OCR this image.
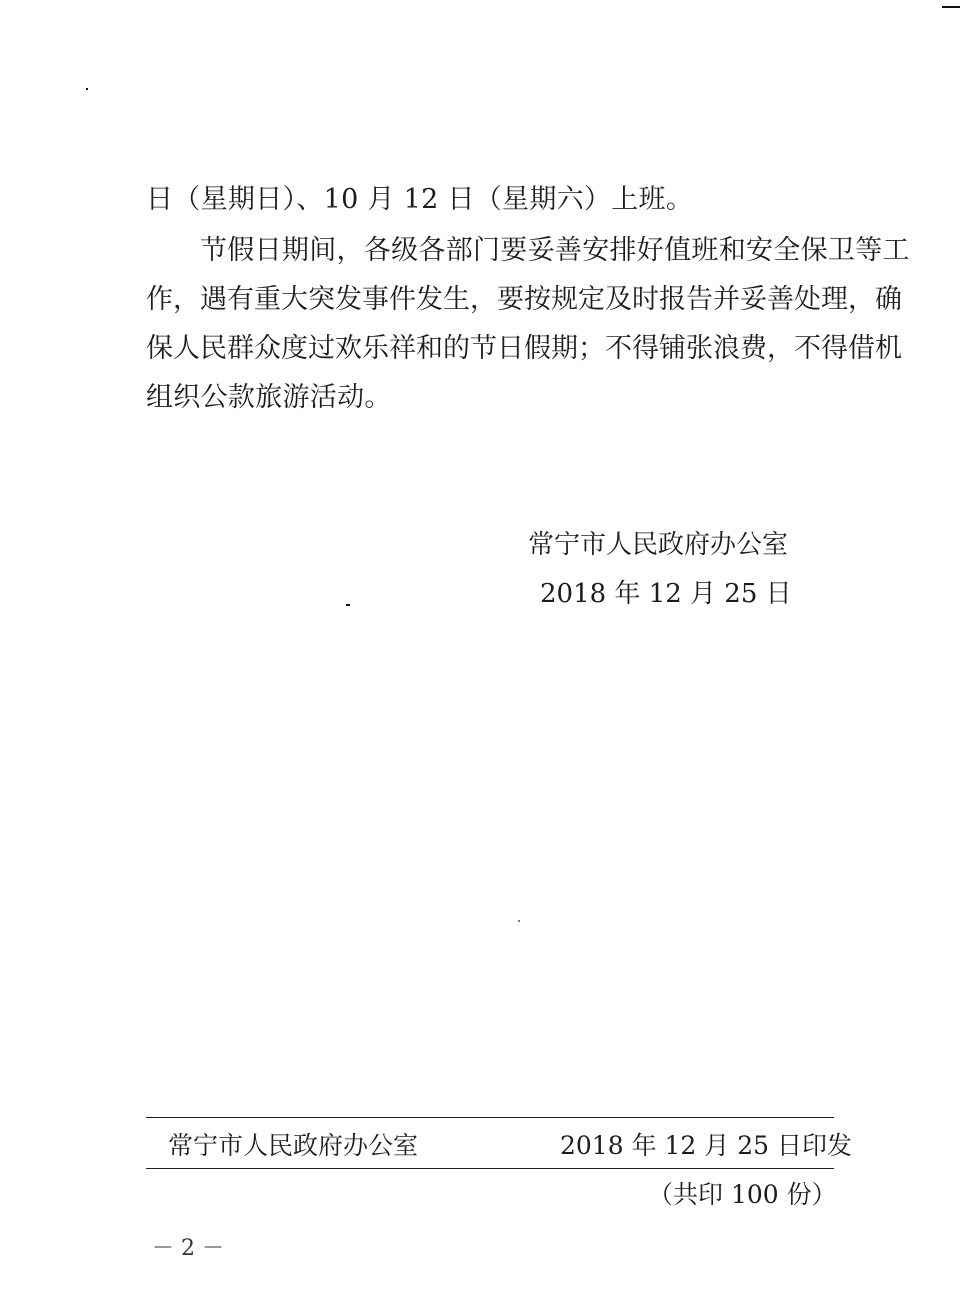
日（星期日）、10 月 12 日（星期六）上班。
节假日期间，各级各部门要妥善安排好值班和安全保卫等工
作，遇有重大突发事件发生，要按规定及时报告并妥善处理，确
保人民群众度过欢乐祥和的节日假期；不得铺张浪费，不得借机
组织公款旅游活动。
常宁市人民政府办公室
2018 年 12 月 25 日
常宁市人民政府办公室	2018 年 12 月 25 日印发
（共印 100 份）
－ 2 －
